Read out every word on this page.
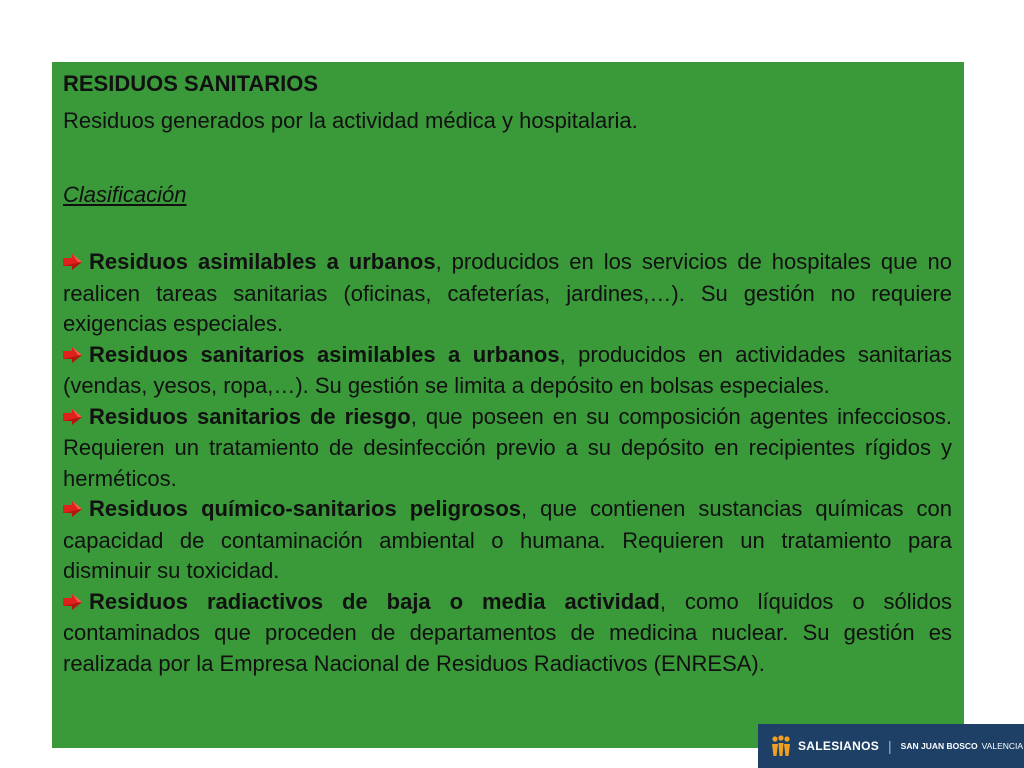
RESIDUOS SANITARIOS

Residuos generados por la actividad médica y hospitalaria.

Clasificación

Residuos asimilables a urbanos, producidos en los servicios de hospitales que no realicen tareas sanitarias (oficinas, cafeterías, jardines,…). Su gestión no requiere exigencias especiales.

Residuos sanitarios asimilables a urbanos, producidos en actividades sanitarias (vendas, yesos, ropa,…). Su gestión se limita a depósito en bolsas especiales.

Residuos sanitarios de riesgo, que poseen en su composición agentes infecciosos. Requieren un tratamiento de desinfección previo a su depósito en recipientes rígidos y herméticos.

Residuos químico-sanitarios peligrosos, que contienen sustancias químicas con capacidad de contaminación ambiental o humana. Requieren un tratamiento para disminuir su toxicidad.

Residuos radiactivos de baja o media actividad, como líquidos o sólidos contaminados que proceden de departamentos de medicina nuclear. Su gestión es realizada por la Empresa Nacional de Residuos Radiactivos (ENRESA).

SALESIANOS | SAN JUAN BOSCO VALENCIA
